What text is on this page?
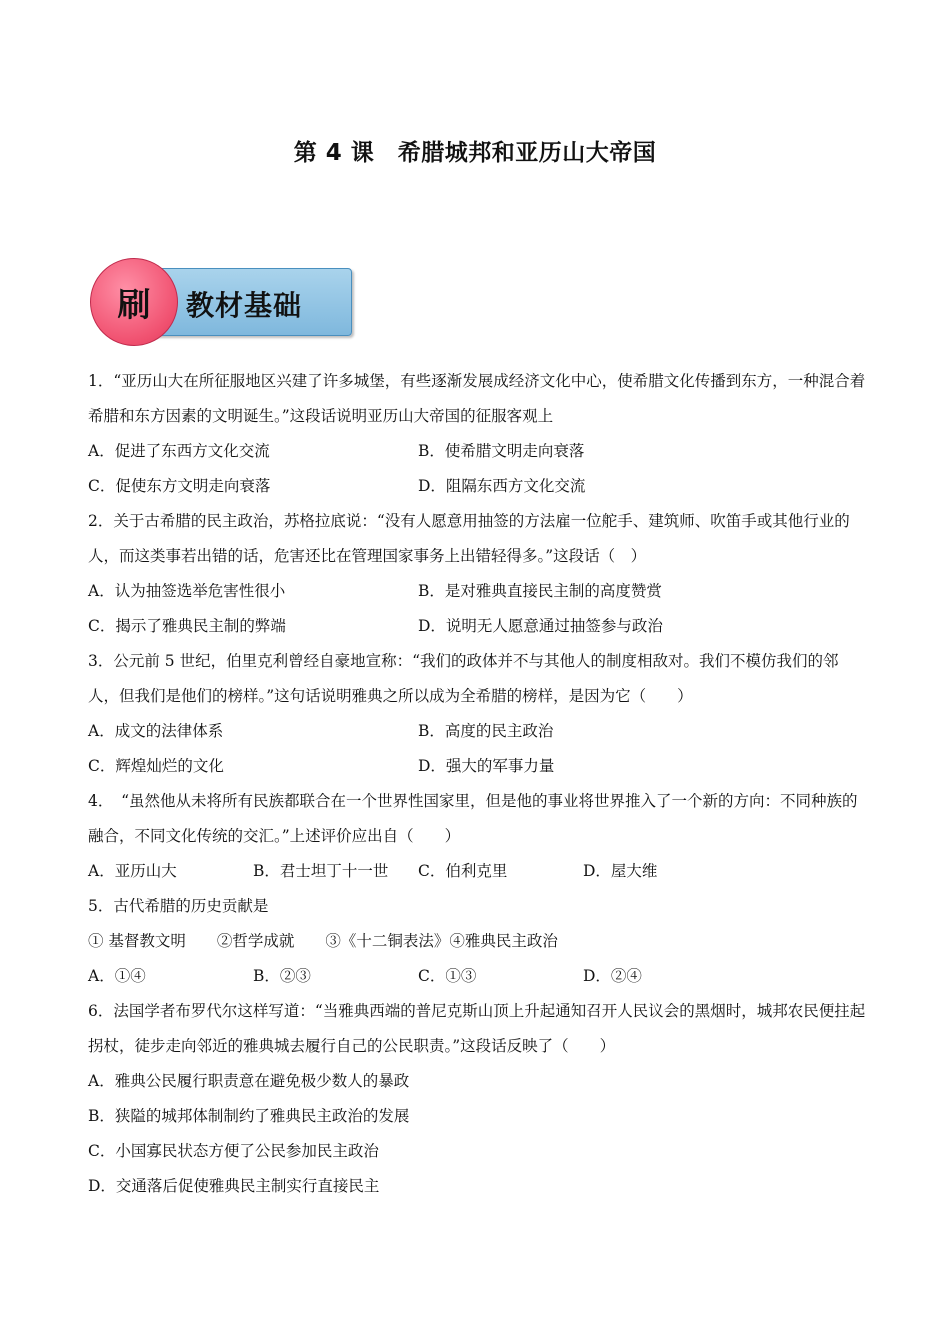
第 4 课　希腊城邦和亚历山大帝国
刷 教材基础

1．“亚历山大在所征服地区兴建了许多城堡，有些逐渐发展成经济文化中心，使希腊文化传播到东方，一种混合着希腊和东方因素的文明诞生。”这段话说明亚历山大帝国的征服客观上

A．促进了东西方文化交流	B．使希腊文明走向衰落
C．促使东方文明走向衰落	D．阻隔东西方文化交流

2．关于古希腊的民主政治，苏格拉底说：“没有人愿意用抽签的方法雇一位舵手、建筑师、吹笛手或其他行业的人，而这类事若出错的话，危害还比在管理国家事务上出错轻得多。”这段话（　）

A．认为抽签选举危害性很小	B．是对雅典直接民主制的高度赞赏
C．揭示了雅典民主制的弊端	D．说明无人愿意通过抽签参与政治

3．公元前 5 世纪，伯里克利曾经自豪地宣称：“我们的政体并不与其他人的制度相敌对。我们不模仿我们的邻人，但我们是他们的榜样。”这句话说明雅典之所以成为全希腊的榜样，是因为它（　　）

A．成文的法律体系	B．高度的民主政治
C．辉煌灿烂的文化	D．强大的军事力量

4．　“虽然他从未将所有民族都联合在一个世界性国家里，但是他的事业将世界推入了一个新的方向：不同种族的融合，不同文化传统的交汇。”上述评价应出自（　　）

A．亚历山大	B．君士坦丁十一世	C．伯利克里	D．屋大维
5．古代希腊的历史贡献是
① 基督教文明　　②哲学成就　　③《十二铜表法》④雅典民主政治
A．①④	B．②③	C．①③	D．②④

6．法国学者布罗代尔这样写道：“当雅典西端的普尼克斯山顶上升起通知召开人民议会的黑烟时，城邦农民便拄起拐杖，徒步走向邻近的雅典城去履行自己的公民职责。”这段话反映了（　　）

A．雅典公民履行职责意在避免极少数人的暴政
B．狭隘的城邦体制制约了雅典民主政治的发展
C．小国寡民状态方便了公民参加民主政治
D．交通落后促使雅典民主制实行直接民主
